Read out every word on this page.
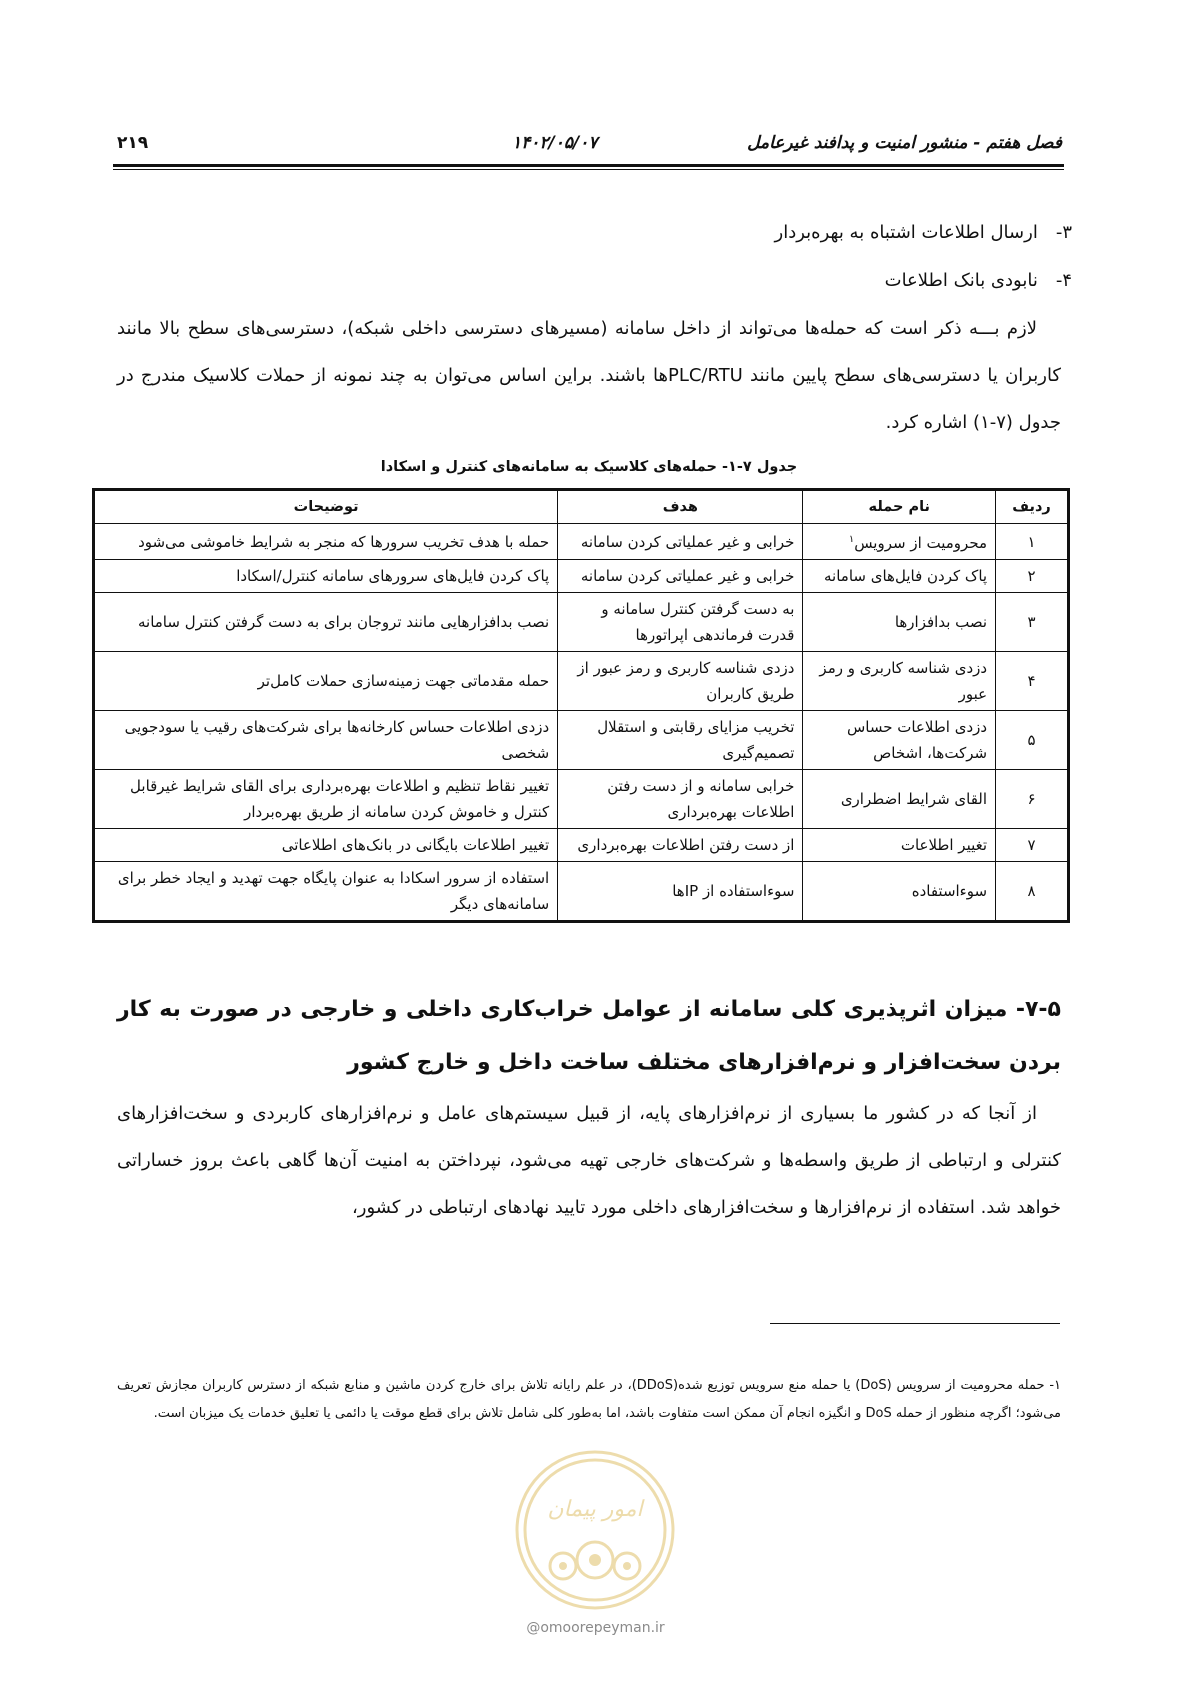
فصل هفتم - منشور امنیت و پدافند غیرعامل
۱۴۰۲/۰۵/۰۷
۲۱۹
۳-ارسال اطلاعات اشتباه به بهره‌بردار
۴-نابودی بانک اطلاعات
لازم بـــه ذکر است که حمله‌ها می‌تواند از داخل سامانه (مسیرهای دسترسی داخلی شبکه)، دسترسی‌های سطح بالا مانند کاربران یا دسترسی‌های سطح پایین مانند PLC/RTUها باشند. براین اساس می‌توان به چند نمونه از حملات کلاسیک مندرج در جدول (۷-۱) اشاره کرد.
جدول ۷-۱- حمله‌های کلاسیک به سامانه‌های کنترل و اسکادا
ردیف	نام حمله	هدف	توضیحات
۱	محرومیت از سرویس$^۱$	خرابی و غیر عملیاتی کردن سامانه	حمله با هدف تخریب سرورها که منجر به شرایط خاموشی می‌شود
۲	پاک کردن فایل‌های سامانه	خرابی و غیر عملیاتی کردن سامانه	پاک کردن فایل‌های سرورهای سامانه کنترل/اسکادا
۳	نصب بدافزارها	به دست گرفتن کنترل سامانه و قدرت فرماندهی اپراتورها	نصب بدافزارهایی مانند تروجان برای به دست گرفتن کنترل سامانه
۴	دزدی شناسه کاربری و رمز عبور	دزدی شناسه کاربری و رمز عبور از طریق کاربران	حمله مقدماتی جهت زمینه‌سازی حملات کامل‌تر
۵	دزدی اطلاعات حساس شرکت‌ها، اشخاص	تخریب مزایای رقابتی و استقلال تصمیم‌گیری	دزدی اطلاعات حساس کارخانه‌ها برای شرکت‌های رقیب یا سودجویی شخصی
۶	القای شرایط اضطراری	خرابی سامانه و از دست رفتن اطلاعات بهره‌برداری	تغییر نقاط تنظیم و اطلاعات بهره‌برداری برای القای شرایط غیرقابل کنترل و خاموش کردن سامانه از طریق بهره‌بردار
۷	تغییر اطلاعات	از دست رفتن اطلاعات بهره‌برداری	تغییر اطلاعات بایگانی در بانک‌های اطلاعاتی
۸	سوءاستفاده	سوءاستفاده از IPها	استفاده از سرور اسکادا به عنوان پایگاه جهت تهدید و ایجاد خطر برای سامانه‌های دیگر
۷-۵- میزان اثرپذیری کلی سامانه از عوامل خراب‌کاری داخلی و خارجی در صورت به کار بردن سخت‌افزار و نرم‌افزارهای مختلف ساخت داخل و خارج کشور
از آنجا که در کشور ما بسیاری از نرم‌افزارهای پایه، از قبیل سیستم‌های عامل و نرم‌افزارهای کاربردی و سخت‌افزارهای کنترلی و ارتباطی از طریق واسطه‌ها و شرکت‌های خارجی تهیه می‌شود، نپرداختن به امنیت آن‌ها گاهی باعث بروز خساراتی خواهد شد. استفاده از نرم‌افزارها و سخت‌افزارهای داخلی مورد تایید نهادهای ارتباطی در کشور،
۱- حمله محرومیت از سرویس (DoS) یا حمله منع سرویس توزیع شده(DDoS)، در علم رایانه تلاش برای خارج کردن ماشین و منابع شبکه از دسترس کاربران مجازش تعریف می‌شود؛ اگرچه منظور از حمله DoS و انگیزه انجام آن ممکن است متفاوت باشد، اما به‌طور کلی شامل تلاش برای قطع موقت یا دائمی یا تعلیق خدمات یک میزبان است.
امور پیمان
@omoorepeyman.ir
